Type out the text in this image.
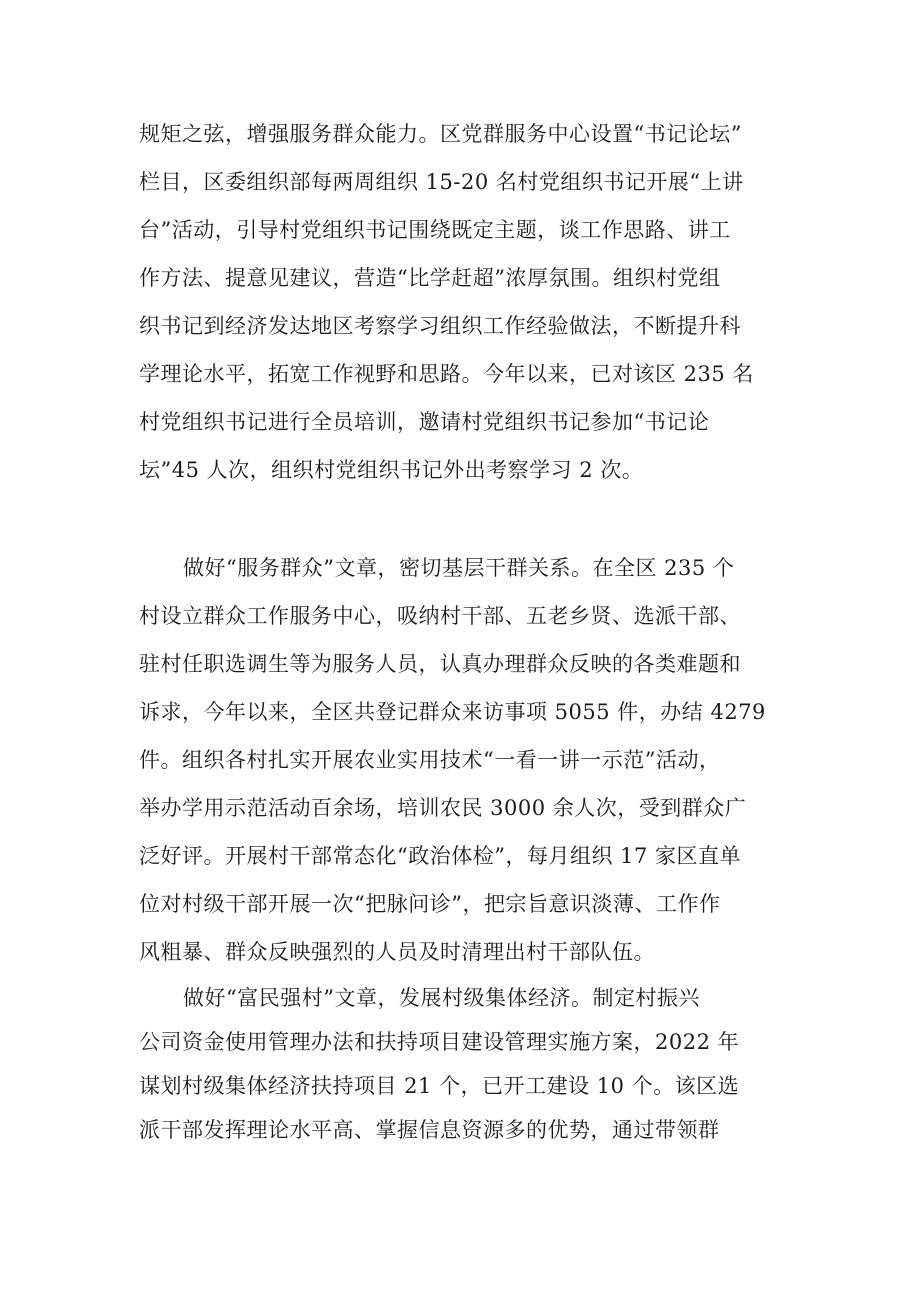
规矩之弦，增强服务群众能力。区党群服务中心设置“书记论坛”
栏目，区委组织部每两周组织 15-20 名村党组织书记开展“上讲
台”活动，引导村党组织书记围绕既定主题，谈工作思路、讲工
作方法、提意见建议，营造“比学赶超”浓厚氛围。组织村党组
织书记到经济发达地区考察学习组织工作经验做法，不断提升科
学理论水平，拓宽工作视野和思路。今年以来，已对该区 235 名
村党组织书记进行全员培训，邀请村党组织书记参加“书记论
坛”45 人次，组织村党组织书记外出考察学习 2 次。
做好“服务群众”文章，密切基层干群关系。在全区 235 个
村设立群众工作服务中心，吸纳村干部、五老乡贤、选派干部、
驻村任职选调生等为服务人员，认真办理群众反映的各类难题和
诉求，今年以来，全区共登记群众来访事项 5055 件，办结 4279
件。组织各村扎实开展农业实用技术“一看一讲一示范”活动，
举办学用示范活动百余场，培训农民 3000 余人次，受到群众广
泛好评。开展村干部常态化“政治体检”，每月组织 17 家区直单
位对村级干部开展一次“把脉问诊”，把宗旨意识淡薄、工作作
风粗暴、群众反映强烈的人员及时清理出村干部队伍。
做好“富民强村”文章，发展村级集体经济。制定村振兴
公司资金使用管理办法和扶持项目建设管理实施方案，2022 年
谋划村级集体经济扶持项目 21 个，已开工建设 10 个。该区选
派干部发挥理论水平高、掌握信息资源多的优势，通过带领群
